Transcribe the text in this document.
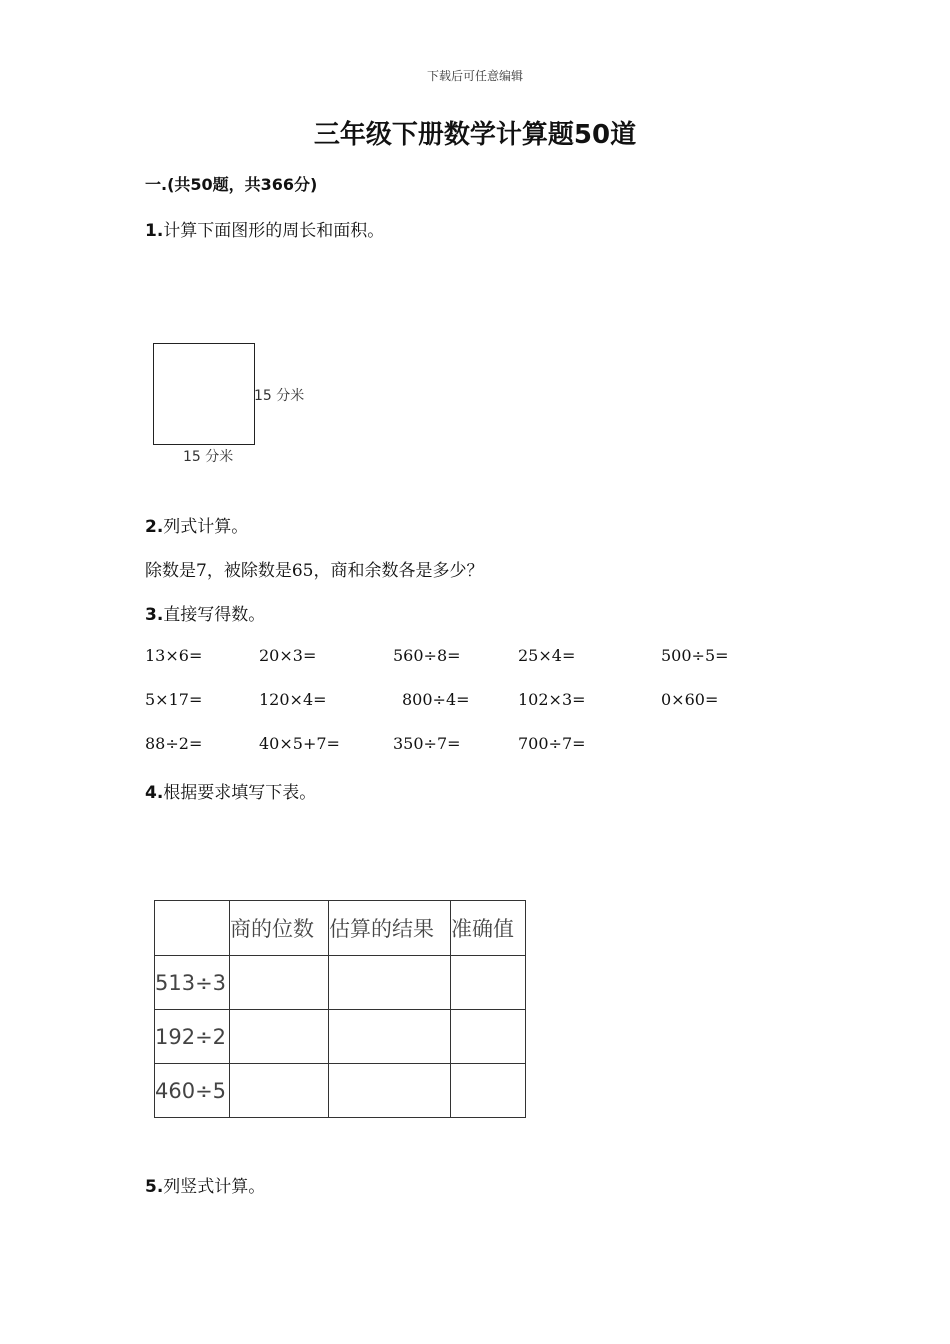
下载后可任意编辑
三年级下册数学计算题50道
一.(共50题，共366分)
1.计算下面图形的周长和面积。
15 分米
15 分米
2.列式计算。
除数是7，被除数是65，商和余数各是多少？
3.直接写得数。
13×6=	20×3=	560÷8=	25×4=	500÷5=
5×17=	120×4=	800÷4=	102×3=	0×60=
88÷2=	40×5+7=	350÷7=	700÷7=
4.根据要求填写下表。
	商的位数	估算的结果	准确值
513÷3			
192÷2			
460÷5			
5.列竖式计算。
